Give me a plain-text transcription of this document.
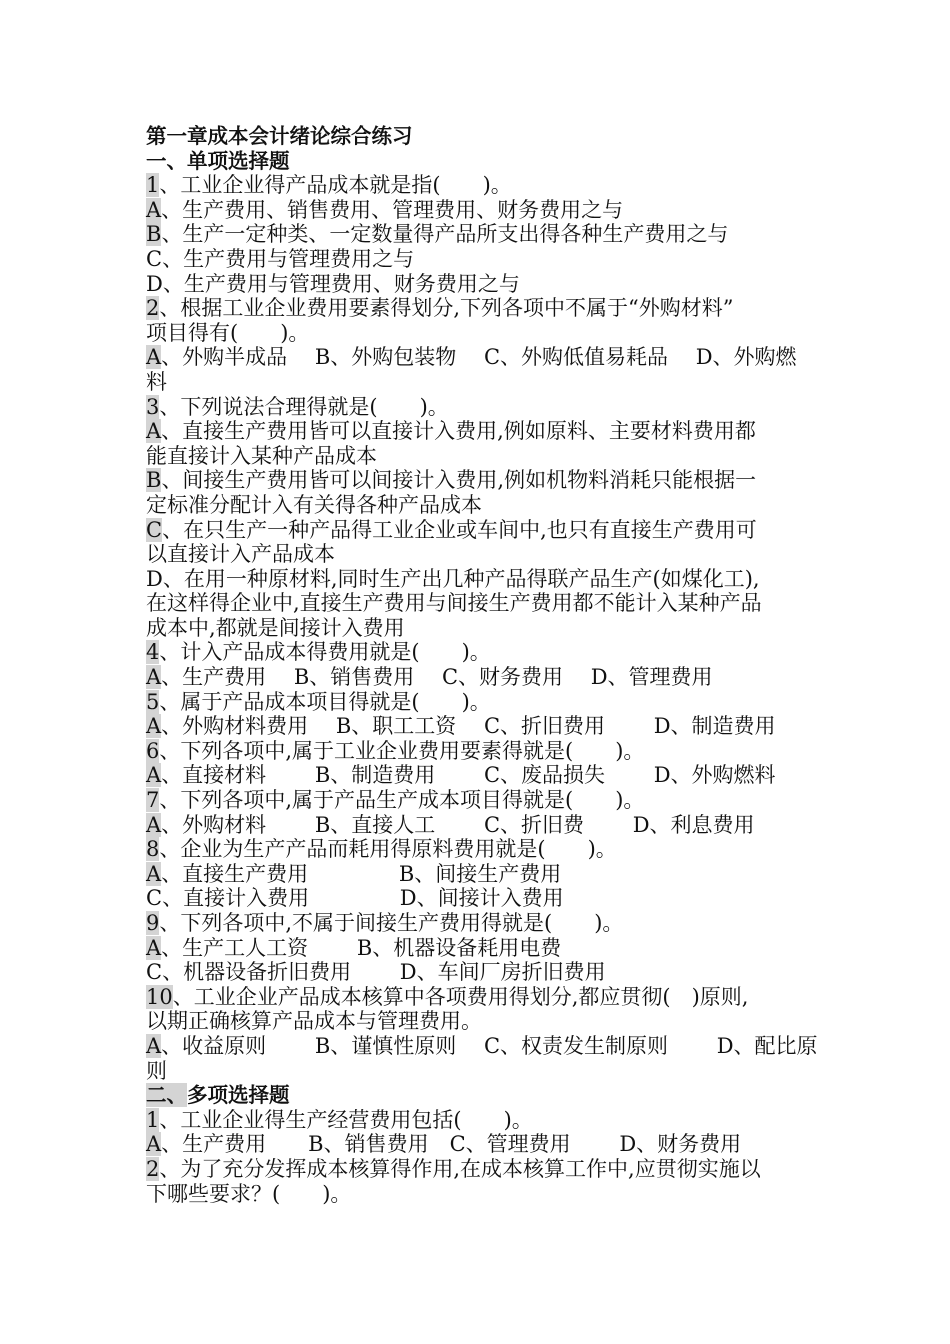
第一章成本会计绪论综合练习
一、单项选择题
1、工业企业得产品成本就是指(　　)。
A、生产费用、销售费用、管理费用、财务费用之与
B、生产一定种类、一定数量得产品所支出得各种生产费用之与
C、生产费用与管理费用之与
D、生产费用与管理费用、财务费用之与
2、根据工业企业费用要素得划分,下列各项中不属于“外购材料”
项目得有(　　)。
A、外购半成品　 B、外购包装物　 C、外购低值易耗品　 D、外购燃
料
3、下列说法合理得就是(　　)。
A、直接生产费用皆可以直接计入费用,例如原料、主要材料费用都
能直接计入某种产品成本
B、间接生产费用皆可以间接计入费用,例如机物料消耗只能根据一
定标准分配计入有关得各种产品成本
C、在只生产一种产品得工业企业或车间中,也只有直接生产费用可
以直接计入产品成本
D、在用一种原材料,同时生产出几种产品得联产品生产(如煤化工),
在这样得企业中,直接生产费用与间接生产费用都不能计入某种产品
成本中,都就是间接计入费用
4、计入产品成本得费用就是(　　)。
A、生产费用　 B、销售费用　 C、财务费用　 D、管理费用
5、属于产品成本项目得就是(　　)。
A、外购材料费用　 B、职工工资　 C、折旧费用　　 D、制造费用
6、下列各项中,属于工业企业费用要素得就是(　　)。
A、直接材料　　 B、制造费用　　 C、废品损失　　 D、外购燃料
7、下列各项中,属于产品生产成本项目得就是(　　)。
A、外购材料　　 B、直接人工　　 C、折旧费　　 D、利息费用
8、企业为生产产品而耗用得原料费用就是(　　)。
A、直接生产费用　　　　 B、间接生产费用
C、直接计入费用　　　　 D、间接计入费用
9、下列各项中,不属于间接生产费用得就是(　　)。
A、生产工人工资　　 B、机器设备耗用电费
C、机器设备折旧费用　　 D、车间厂房折旧费用
10、工业企业产品成本核算中各项费用得划分,都应贯彻(　)原则,
以期正确核算产品成本与管理费用。
A、收益原则　　 B、谨慎性原则　 C、权责发生制原则　　 D、配比原
则
二、多项选择题
1、工业企业得生产经营费用包括(　　)。
A、生产费用　　B、销售费用　C、管理费用　　 D、财务费用
2、为了充分发挥成本核算得作用,在成本核算工作中,应贯彻实施以
下哪些要求？(　　)。
